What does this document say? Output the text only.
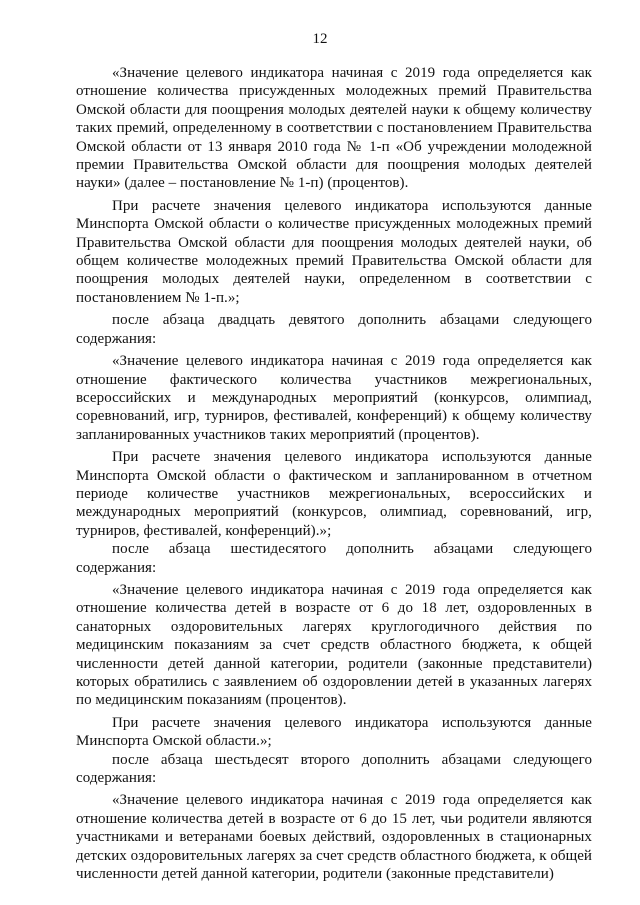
12

«Значение целевого индикатора начиная с 2019 года определяется как отношение количества присужденных молодежных премий Правительства Омской области для поощрения молодых деятелей науки к общему количеству таких премий, определенному в соответствии с постановлением Правительства Омской области от 13 января 2010 года № 1-п «Об учреждении молодежной премии Правительства Омской области для поощрения молодых деятелей науки» (далее – постановление № 1-п) (процентов).

При расчете значения целевого индикатора используются данные Минспорта Омской области о количестве присужденных молодежных премий Правительства Омской области для поощрения молодых деятелей науки, об общем количестве молодежных премий Правительства Омской области для поощрения молодых деятелей науки, определенном в соответствии с постановлением № 1-п.»;

после абзаца двадцать девятого дополнить абзацами следующего содержания:

«Значение целевого индикатора начиная с 2019 года определяется как отношение фактического количества участников межрегиональных, всероссийских и международных мероприятий (конкурсов, олимпиад, соревнований, игр, турниров, фестивалей, конференций) к общему количеству запланированных участников таких мероприятий (процентов).

При расчете значения целевого индикатора используются данные Минспорта Омской области о фактическом и запланированном в отчетном периоде количестве участников межрегиональных, всероссийских и международных мероприятий (конкурсов, олимпиад, соревнований, игр, турниров, фестивалей, конференций).»;

после абзаца шестидесятого дополнить абзацами следующего содержания:

«Значение целевого индикатора начиная с 2019 года определяется как отношение количества детей в возрасте от 6 до 18 лет, оздоровленных в санаторных оздоровительных лагерях круглогодичного действия по медицинским показаниям за счет средств областного бюджета, к общей численности детей данной категории, родители (законные представители) которых обратились с заявлением об оздоровлении детей в указанных лагерях по медицинским показаниям (процентов).

При расчете значения целевого индикатора используются данные Минспорта Омской области.»;

после абзаца шестьдесят второго дополнить абзацами следующего содержания:

«Значение целевого индикатора начиная с 2019 года определяется как отношение количества детей в возрасте от 6 до 15 лет, чьи родители являются участниками и ветеранами боевых действий, оздоровленных в стационарных детских оздоровительных лагерях за счет средств областного бюджета, к общей численности детей данной категории, родители (законные представители)
